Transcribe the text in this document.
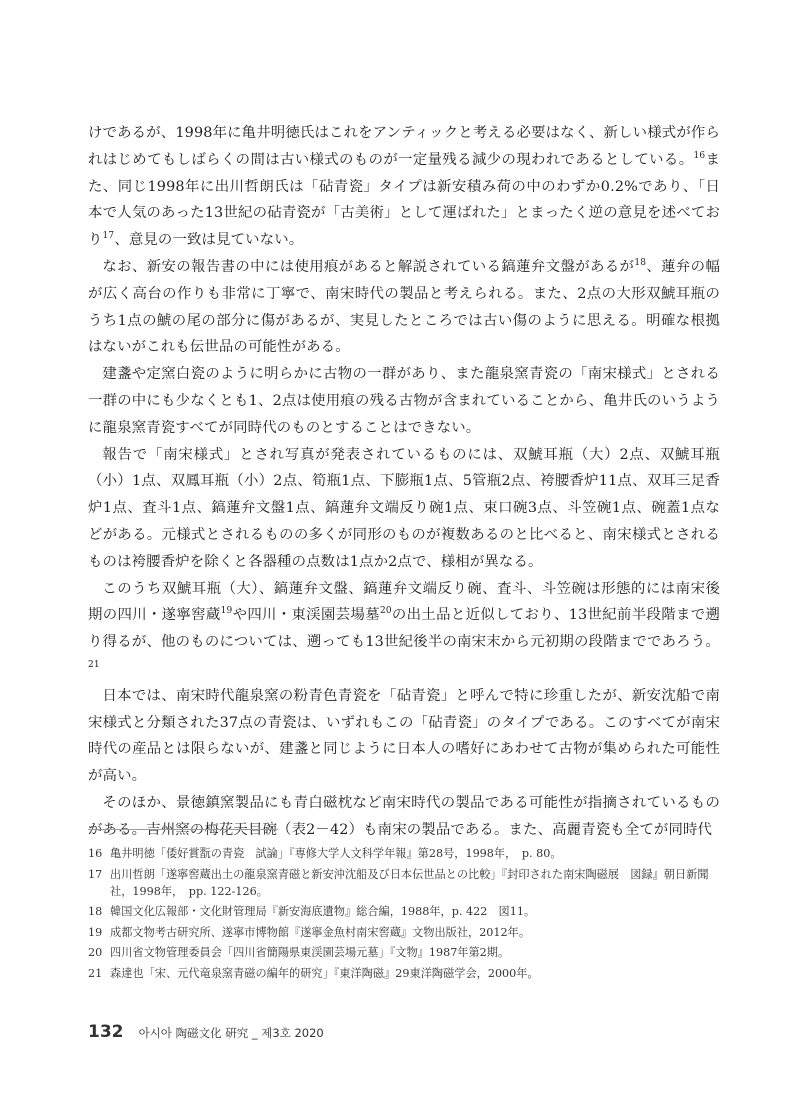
けであるが、1998年に亀井明徳氏はこれをアンティックと考える必要はなく、新しい様式が作られはじめてもしばらくの間は古い様式のものが一定量残る減少の現われであるとしている。$^{16}$また、同じ1998年に出川哲朗氏は「砧青瓷」タイプは新安積み荷の中のわずか0.2%であり、「日本で人気のあった13世紀の砧青瓷が「古美術」として運ばれた」とまったく逆の意見を述べており$^{17}$、意見の一致は見ていない。

なお、新安の報告書の中には使用痕があると解説されている鎬蓮弁文盤があるが$^{18}$、蓮弁の幅が広く高台の作りも非常に丁寧で、南宋時代の製品と考えられる。また、2点の大形双鯱耳瓶のうち1点の鯱の尾の部分に傷があるが、実見したところでは古い傷のように思える。明確な根拠はないがこれも伝世品の可能性がある。

建盞や定窯白瓷のように明らかに古物の一群があり、また龍泉窯青瓷の「南宋様式」とされる一群の中にも少なくとも1、2点は使用痕の残る古物が含まれていることから、亀井氏のいうように龍泉窯青瓷すべてが同時代のものとすることはできない。

報告で「南宋様式」とされ写真が発表されているものには、双鯱耳瓶（大）2点、双鯱耳瓶（小）1点、双鳳耳瓶（小）2点、筍瓶1点、下膨瓶1点、5管瓶2点、袴腰香炉11点、双耳三足香炉1点、査斗1点、鎬蓮弁文盤1点、鎬蓮弁文端反り碗1点、束口碗3点、斗笠碗1点、碗蓋1点などがある。元様式とされるものの多くが同形のものが複数あるのと比べると、南宋様式とされるものは袴腰香炉を除くと各器種の点数は1点か2点で、様相が異なる。

このうち双鯱耳瓶（大）、鎬蓮弁文盤、鎬蓮弁文端反り碗、査斗、斗笠碗は形態的には南宋後期の四川・遂寧窖蔵$^{19}$や四川・東渓園芸場墓$^{20}$の出土品と近似しており、13世紀前半段階まで遡り得るが、他のものについては、遡っても13世紀後半の南宋末から元初期の段階までであろう。$^{21}$

日本では、南宋時代龍泉窯の粉青色青瓷を「砧青瓷」と呼んで特に珍重したが、新安沈船で南宋様式と分類された37点の青瓷は、いずれもこの「砧青瓷」のタイプである。このすべてが南宋時代の産品とは限らないが、建盞と同じように日本人の嗜好にあわせて古物が集められた可能性が高い。

そのほか、景徳鎮窯製品にも青白磁枕など南宋時代の製品である可能性が指摘されているものがある。吉州窯の梅花天目碗（表2－42）も南宋の製品である。また、高麗青瓷も全てが同時代

16 亀井明徳「倭好賞翫の青瓷　試論」『専修大学人文科学年報』第28号，1998年，　p. 80。
17 出川哲朗「遂寧窖蔵出土の龍泉窯青磁と新安沖沈船及び日本伝世品との比較」『封印された南宋陶磁展　図録』朝日新聞社，1998年，　pp. 122-126。
18 韓国文化広報部・文化財管理局『新安海底遺物』総合編，1988年，p. 422　図11。
19 成都文物考古研究所、遂寧市博物館『遂寧金魚村南宋窖蔵』文物出版社，2012年。
20 四川省文物管理委員会「四川省簡陽県東渓園芸場元墓」『文物』1987年第2期。
21 森達也「宋、元代竜泉窯青磁の編年的研究」『東洋陶磁』29東洋陶磁学会，2000年。
132 아시아 陶磁文化 硏究 _ 제3호 2020
